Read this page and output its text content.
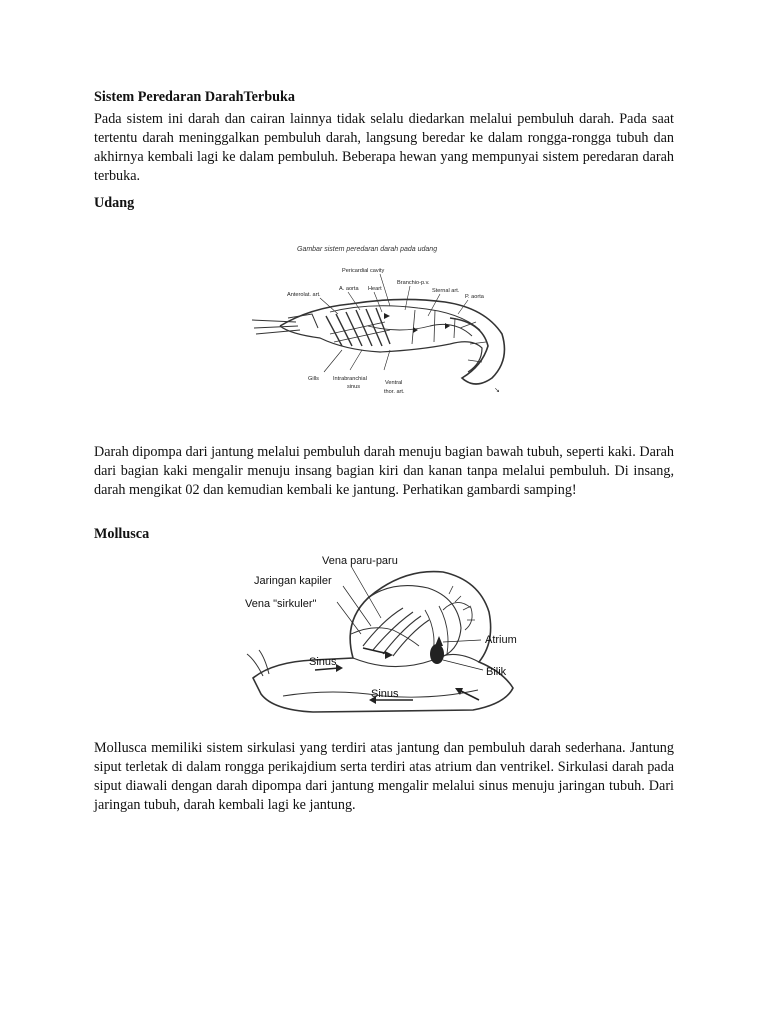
Sistem Peredaran DarahTerbuka

Pada sistem ini darah dan cairan lainnya tidak selalu diedarkan melalui pembuluh darah. Pada saat tertentu darah meninggalkan pembuluh darah, langsung beredar ke dalam rongga-rongga tubuh dan akhirnya kembali lagi ke dalam pembuluh. Beberapa hewan yang mempunyai sistem peredaran darah terbuka.

Udang
Gambar sistem peredaran darah pada udang
Pericardial cavity
Branchio-p.v.
Sternal art.
A. aorta Heart
Anterolat. art.	P. aorta
↘
Gills	Intrabranchial
sinus
Ventral
thor. art.

Darah dipompa dari jantung melalui pembuluh darah menuju bagian bawah tubuh, seperti kaki. Darah dari bagian kaki mengalir menuju insang bagian kiri dan kanan tanpa melalui pembuluh. Di insang, darah mengikat 02 dan kemudian kembali ke jantung. Perhatikan gambardi samping!

Mollusca
Vena paru-paru
Jaringan kapiler
Vena "sirkuler"
Atrium
Bilik
Sinus
Sinus

Mollusca memiliki sistem sirkulasi yang terdiri atas jantung dan pembuluh darah sederhana. Jantung siput terletak di dalam rongga perikajdium serta terdiri atas atrium dan ventrikel. Sirkulasi darah pada siput diawali dengan darah dipompa dari jantung mengalir melalui sinus menuju jaringan tubuh. Dari jaringan tubuh, darah kembali lagi ke jantung.
